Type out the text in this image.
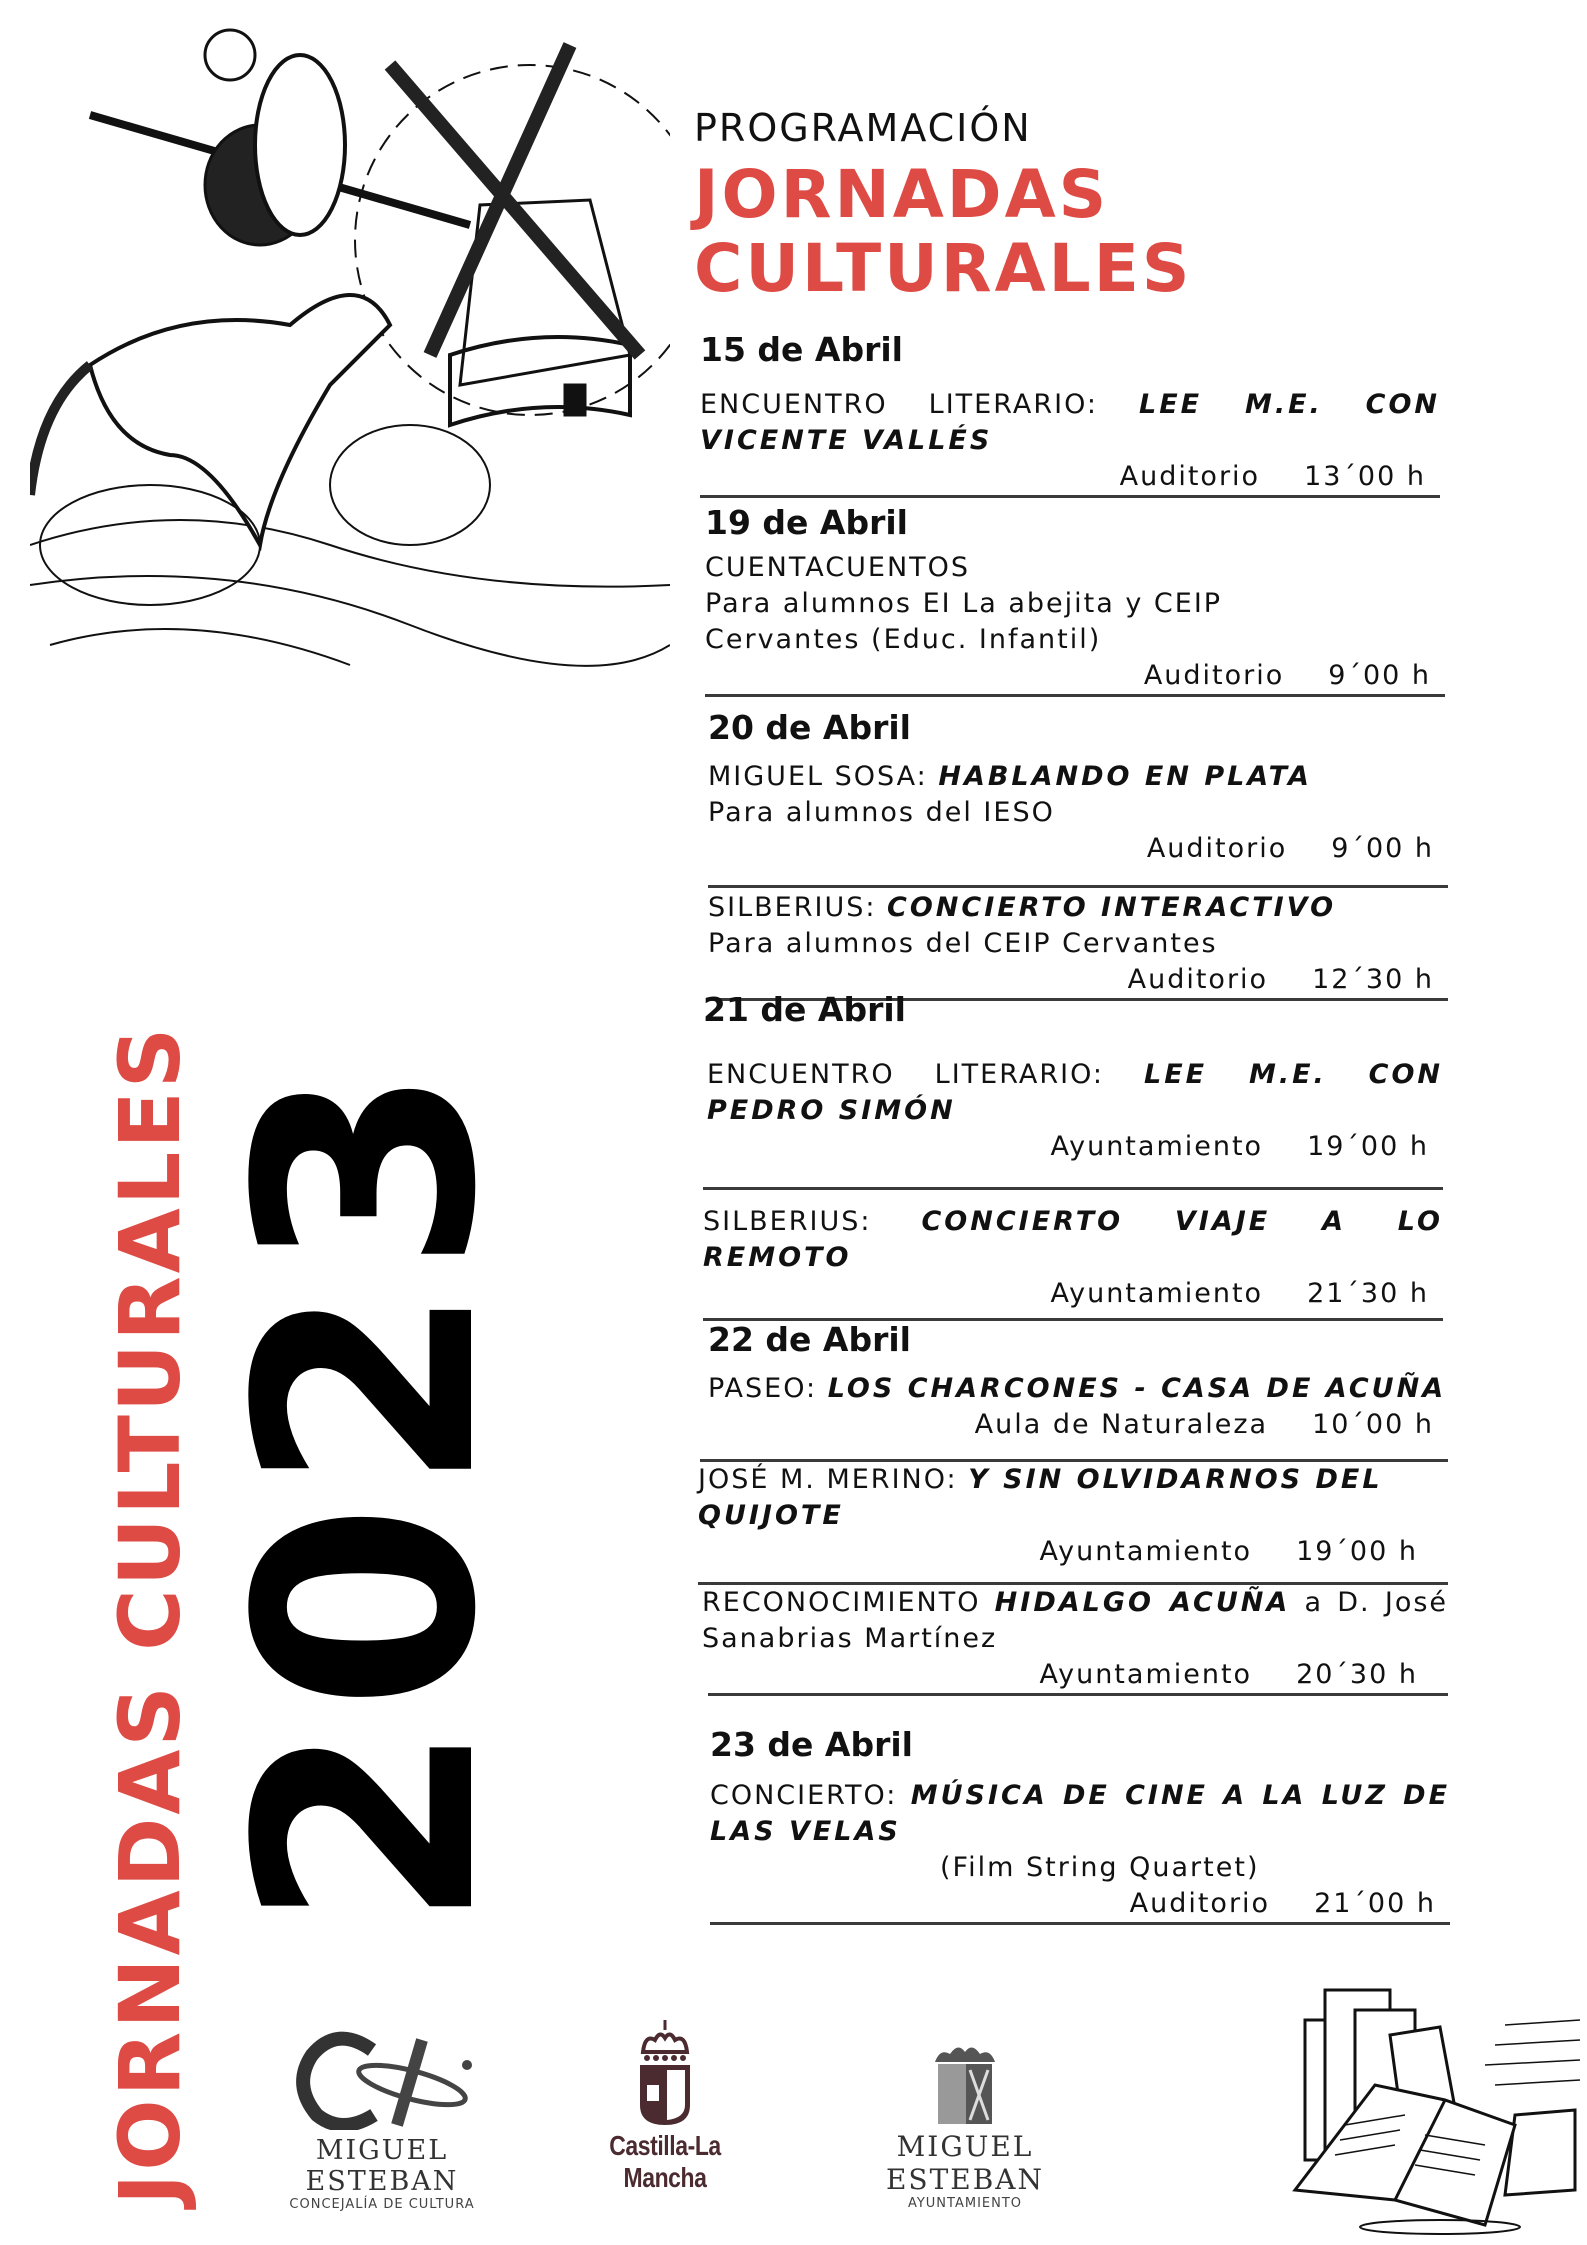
PROGRAMACIÓN
JORNADAS
CULTURALES
JORNADAS CULTURALES
2023
15 de Abril
ENCUENTRO LITERARIO: LEE M.E. CON VICENTE VALLÉS
Auditorio 13´00 h
19 de Abril
CUENTACUENTOS
Para alumnos EI La abejita y CEIP Cervantes (Educ. Infantil)
Auditorio 9´00 h
20 de Abril
MIGUEL SOSA: HABLANDO EN PLATA
Para alumnos del IESO
Auditorio 9´00 h
SILBERIUS: CONCIERTO INTERACTIVO
Para alumnos del CEIP Cervantes
Auditorio 12´30 h
21 de Abril
ENCUENTRO LITERARIO: LEE M.E. CON PEDRO SIMÓN
Ayuntamiento 19´00 h
SILBERIUS: CONCIERTO VIAJE A LO REMOTO
Ayuntamiento 21´30 h
22 de Abril
PASEO: LOS CHARCONES - CASA DE ACUÑA
Aula de Naturaleza 10´00 h
JOSÉ M. MERINO: Y SIN OLVIDARNOS DEL QUIJOTE
Ayuntamiento 19´00 h
RECONOCIMIENTO HIDALGO ACUÑA a D. José Sanabrias Martínez
Ayuntamiento 20´30 h
23 de Abril
CONCIERTO: MÚSICA DE CINE A LA LUZ DE LAS VELAS
(Film String Quartet)
Auditorio 21´00 h
MIGUEL ESTEBAN
CONCEJALÍA DE CULTURA
Castilla-La Mancha
MIGUEL ESTEBAN
AYUNTAMIENTO
